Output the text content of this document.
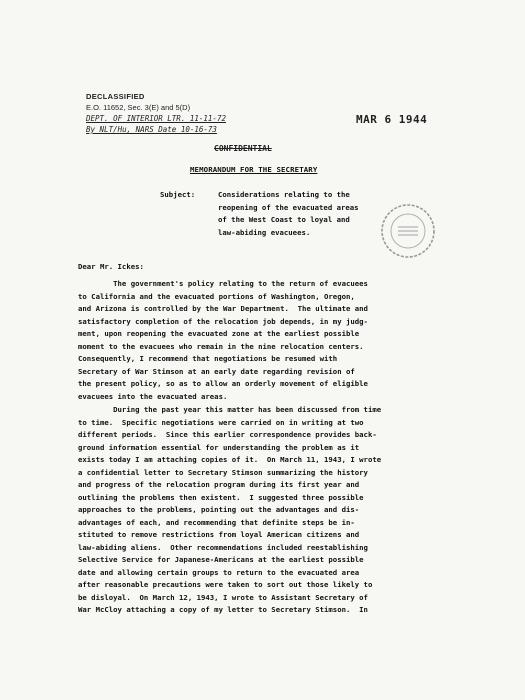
DECLASSIFIED
E.O. 11652, Sec. 3(E) and 5(D)
DEPT. OF INTERIOR LTR. 11-11-72
By NLT/Hu, NARS Date 10-16-73
MAR 6 1944
CONFIDENTIAL
MEMORANDUM FOR THE SECRETARY
Subject:	Considerations relating to the
reopening of the evacuated areas
of the West Coast to loyal and
law-abiding evacuees.
Dear Mr. Ickes:
The government's policy relating to the return of evacuees
to California and the evacuated portions of Washington, Oregon,
and Arizona is controlled by the War Department.  The ultimate and
satisfactory completion of the relocation job depends, in my judg-
ment, upon reopening the evacuated zone at the earliest possible
moment to the evacuees who remain in the nine relocation centers.
Consequently, I recommend that negotiations be resumed with
Secretary of War Stimson at an early date regarding revision of
the present policy, so as to allow an orderly movement of eligible
evacuees into the evacuated areas.
During the past year this matter has been discussed from time
to time.  Specific negotiations were carried on in writing at two
different periods.  Since this earlier correspondence provides back-
ground information essential for understanding the problem as it
exists today I am attaching copies of it.  On March 11, 1943, I wrote
a confidential letter to Secretary Stimson summarizing the history
and progress of the relocation program during its first year and
outlining the problems then existent.  I suggested three possible
approaches to the problems, pointing out the advantages and dis-
advantages of each, and recommending that definite steps be in-
stituted to remove restrictions from loyal American citizens and
law-abiding aliens.  Other recommendations included reestablishing
Selective Service for Japanese-Americans at the earliest possible
date and allowing certain groups to return to the evacuated area
after reasonable precautions were taken to sort out those likely to
be disloyal.  On March 12, 1943, I wrote to Assistant Secretary of
War McCloy attaching a copy of my letter to Secretary Stimson.  In
